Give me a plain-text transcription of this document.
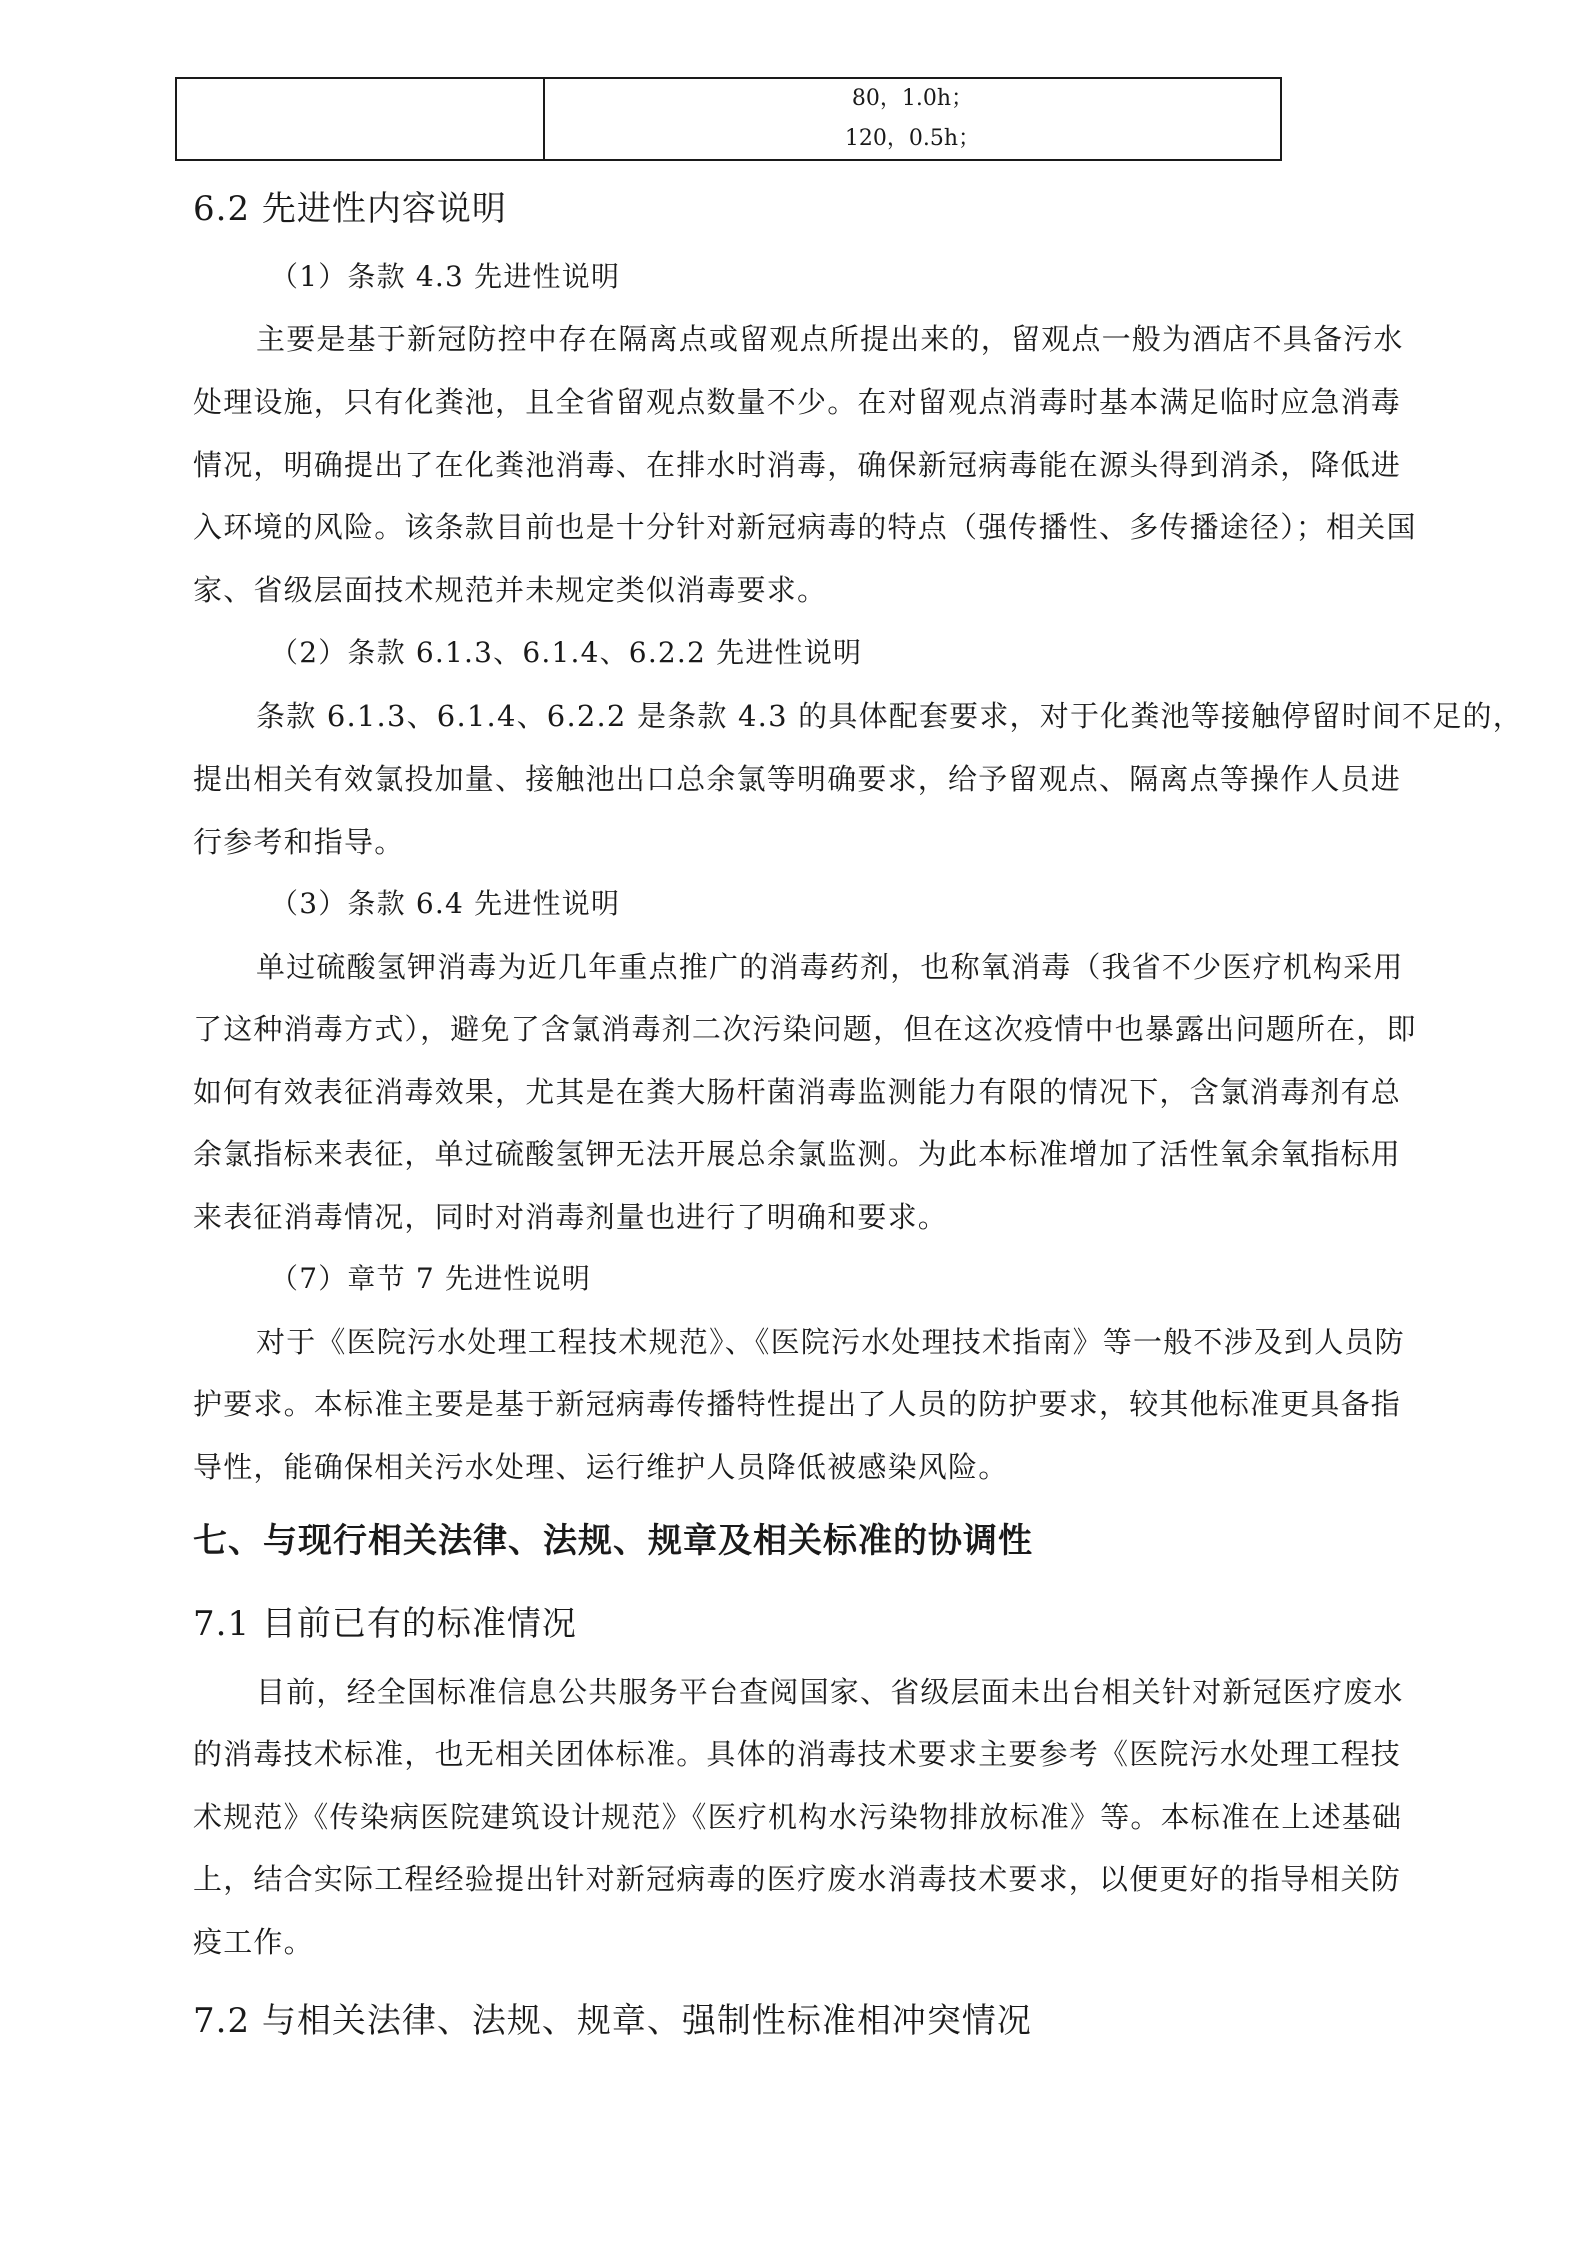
80，1.0h；
120，0.5h；
6.2 先进性内容说明
（1）条款 4.3 先进性说明
主要是基于新冠防控中存在隔离点或留观点所提出来的，留观点一般为酒店不具备污水
处理设施，只有化粪池，且全省留观点数量不少。在对留观点消毒时基本满足临时应急消毒
情况，明确提出了在化粪池消毒、在排水时消毒，确保新冠病毒能在源头得到消杀，降低进
入环境的风险。该条款目前也是十分针对新冠病毒的特点（强传播性、多传播途径）；相关国
家、省级层面技术规范并未规定类似消毒要求。
（2）条款 6.1.3、6.1.4、6.2.2 先进性说明
条款 6.1.3、6.1.4、6.2.2 是条款 4.3 的具体配套要求，对于化粪池等接触停留时间不足的，
提出相关有效氯投加量、接触池出口总余氯等明确要求，给予留观点、隔离点等操作人员进
行参考和指导。
（3）条款 6.4 先进性说明
单过硫酸氢钾消毒为近几年重点推广的消毒药剂，也称氧消毒（我省不少医疗机构采用
了这种消毒方式），避免了含氯消毒剂二次污染问题，但在这次疫情中也暴露出问题所在，即
如何有效表征消毒效果，尤其是在粪大肠杆菌消毒监测能力有限的情况下，含氯消毒剂有总
余氯指标来表征，单过硫酸氢钾无法开展总余氯监测。为此本标准增加了活性氧余氧指标用
来表征消毒情况，同时对消毒剂量也进行了明确和要求。
（7）章节 7 先进性说明
对于《医院污水处理工程技术规范》、《医院污水处理技术指南》等一般不涉及到人员防
护要求。本标准主要是基于新冠病毒传播特性提出了人员的防护要求，较其他标准更具备指
导性，能确保相关污水处理、运行维护人员降低被感染风险。
七、与现行相关法律、法规、规章及相关标准的协调性
7.1 目前已有的标准情况
目前，经全国标准信息公共服务平台查阅国家、省级层面未出台相关针对新冠医疗废水
的消毒技术标准，也无相关团体标准。具体的消毒技术要求主要参考《医院污水处理工程技
术规范》《传染病医院建筑设计规范》《医疗机构水污染物排放标准》等。本标准在上述基础
上，结合实际工程经验提出针对新冠病毒的医疗废水消毒技术要求，以便更好的指导相关防
疫工作。
7.2 与相关法律、法规、规章、强制性标准相冲突情况
